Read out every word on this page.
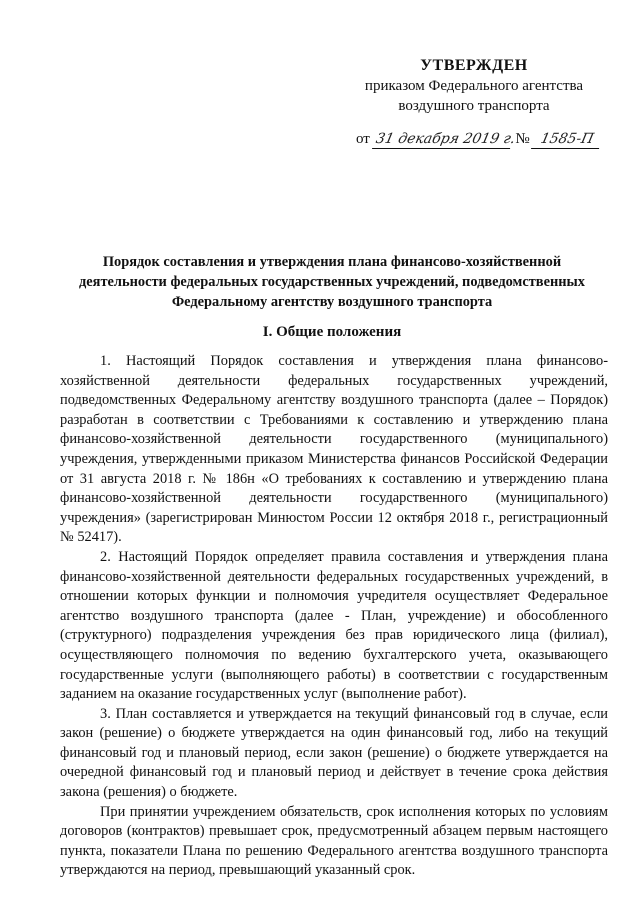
УТВЕРЖДЕН
приказом Федерального агентства
воздушного транспорта
от 31 декабря 2019 г. № 1585-П
Порядок составления и утверждения плана финансово-хозяйственной деятельности федеральных государственных учреждений, подведомственных Федеральному агентству воздушного транспорта
I. Общие положения

1. Настоящий Порядок составления и утверждения плана финансово-хозяйственной деятельности федеральных государственных учреждений, подведомственных Федеральному агентству воздушного транспорта (далее – Порядок) разработан в соответствии с Требованиями к составлению и утверждению плана финансово-хозяйственной деятельности государственного (муниципального) учреждения, утвержденными приказом Министерства финансов Российской Федерации от 31 августа 2018 г. № 186н «О требованиях к составлению и утверждению плана финансово-хозяйственной деятельности государственного (муниципального) учреждения» (зарегистрирован Минюстом России 12 октября 2018 г., регистрационный № 52417).

2. Настоящий Порядок определяет правила составления и утверждения плана финансово-хозяйственной деятельности федеральных государственных учреждений, в отношении которых функции и полномочия учредителя осуществляет Федеральное агентство воздушного транспорта (далее - План, учреждение) и обособленного (структурного) подразделения учреждения без прав юридического лица (филиал), осуществляющего полномочия по ведению бухгалтерского учета, оказывающего государственные услуги (выполняющего работы) в соответствии с государственным заданием на оказание государственных услуг (выполнение работ).

3. План составляется и утверждается на текущий финансовый год в случае, если закон (решение) о бюджете утверждается на один финансовый год, либо на текущий финансовый год и плановый период, если закон (решение) о бюджете утверждается на очередной финансовый год и плановый период и действует в течение срока действия закона (решения) о бюджете.

При принятии учреждением обязательств, срок исполнения которых по условиям договоров (контрактов) превышает срок, предусмотренный абзацем первым настоящего пункта, показатели Плана по решению Федерального агентства воздушного транспорта утверждаются на период, превышающий указанный срок.
